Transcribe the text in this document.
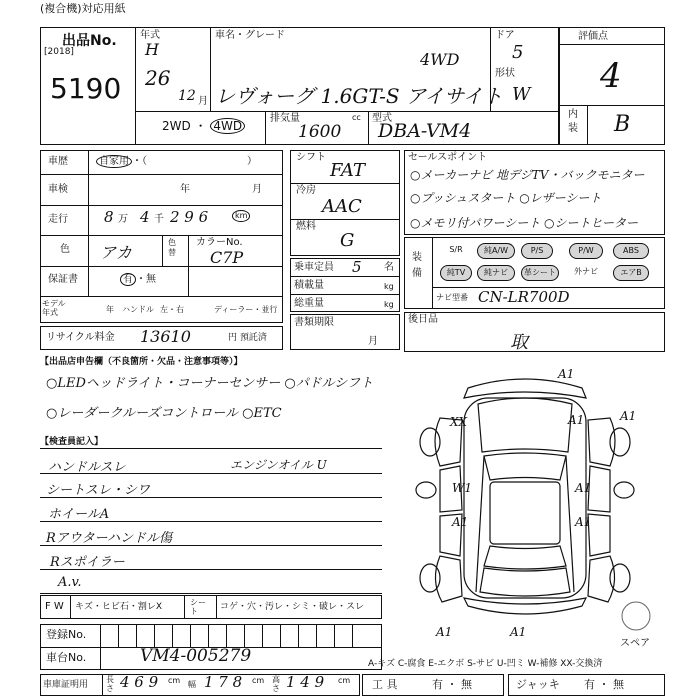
(複合機)対応用紙
出品No.
[2018]
5190
年式
H
26
12 月
車名・グレード
4WD
レヴォーグ 1.6GT-S アイサイト
ドア
5
形状
W
2WD ・ 4WD
排気量	cc
1600
型式
DBA-VM4
評価点
4
内装 B
車歴	自家用 ・（	）
車検	年	月
走行 8 万 4 千 2 9 6	km
色 アカ
色替
カラーNo.
C7P
保証書	有 ・無
モデル年式	年 ハンドル 左・右	ディーラー・並行
リサイクル料金 13610	円 預託済
シフト
FAT
冷房
AAC
燃料
G
乗車定員 5 名
積載量	kg
総重量	kg
書類期限
月
セールスポイント
○メーカーナビ 地デジTV・バックモニター
○プッシュスタート ○レザーシート
○メモリ付パワーシート ○シートヒーター
装備
S/R	純A/W	P/S	P/W	ABS
純TV	純ナビ	革シート	外ナビ	エアB
ナビ型番 CN-LR700D
後日品
取
【出品店申告欄（不良箇所・欠品・注意事項等）】
○LEDヘッドライト・コーナーセンサー ○パドルシフト
○レーダークルーズコントロール ○ETC
【検査員記入】
ハンドルスレ
シートスレ・シワ
ホイールA
Rアウターハンドル傷
Rスポイラー
A.v.
エンジンオイル U
F W キズ・ヒビ石・割レX	シート	コゲ・穴・汚レ・シミ・破レ・スレ
登録No.
車台No.	VM4-005279
車庫証明用
長さ 4 6 9 cm 幅 1 7 8 cm 高さ 1 4 9 cm 工 具	有 ・ 無	ジャッキ 有 ・ 無
A1
XX	A1	A1
W1	A1
A1	A1
A1	A1
スペア
A-キズ C-腐食 E-エクボ S-サビ U-凹ミ W-補修 XX-交換済
